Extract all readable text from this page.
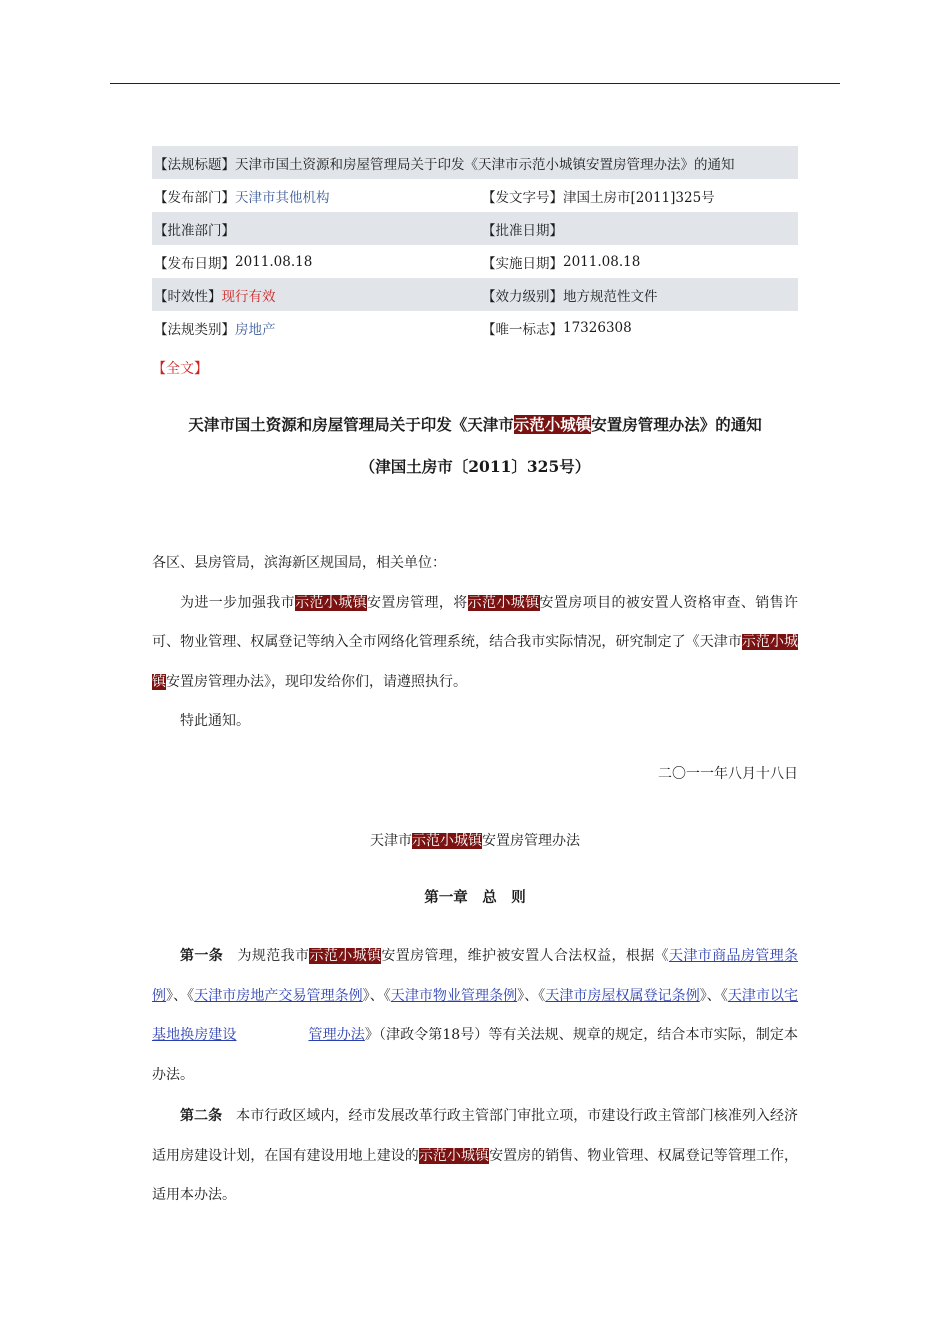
【法规标题】 天津市国土资源和房屋管理局关于印发《天津市示范小城镇安置房管理办法》的通知
【发布部门】 天津市其他机构	【发文字号】 津国土房市[2011]325号
【批准部门】	【批准日期】
【发布日期】 2011.08.18	【实施日期】 2011.08.18
【时效性】 现行有效	【效力级别】 地方规范性文件
【法规类别】 房地产	【唯一标志】 17326308
【全文】
天津市国土资源和房屋管理局关于印发《天津市示范小城镇安置房管理办法》的通知
（津国土房市〔2011〕325号）
各区、县房管局，滨海新区规国局，相关单位：
为进一步加强我市示范小城镇安置房管理，将示范小城镇安置房项目的被安置人资格审查、销售许可、物业管理、权属登记等纳入全市网络化管理系统，结合我市实际情况，研究制定了《天津市示范小城镇安置房管理办法》，现印发给你们，请遵照执行。
特此通知。
二〇一一年八月十八日
天津市示范小城镇安置房管理办法
第一章　总　则
第一条 为规范我市示范小城镇安置房管理，维护被安置人合法权益，根据《天津市商品房管理条例》、《天津市房地产交易管理条例》、《天津市物业管理条例》、《天津市房屋权属登记条例》、《天津市以宅基地换房建设	管理办法》（津政令第18号）等有关法规、规章的规定，结合本市实际，制定本办法。
第二条 本市行政区域内，经市发展改革行政主管部门审批立项，市建设行政主管部门核准列入经济适用房建设计划，在国有建设用地上建设的示范小城镇安置房的销售、物业管理、权属登记等管理工作，适用本办法。
